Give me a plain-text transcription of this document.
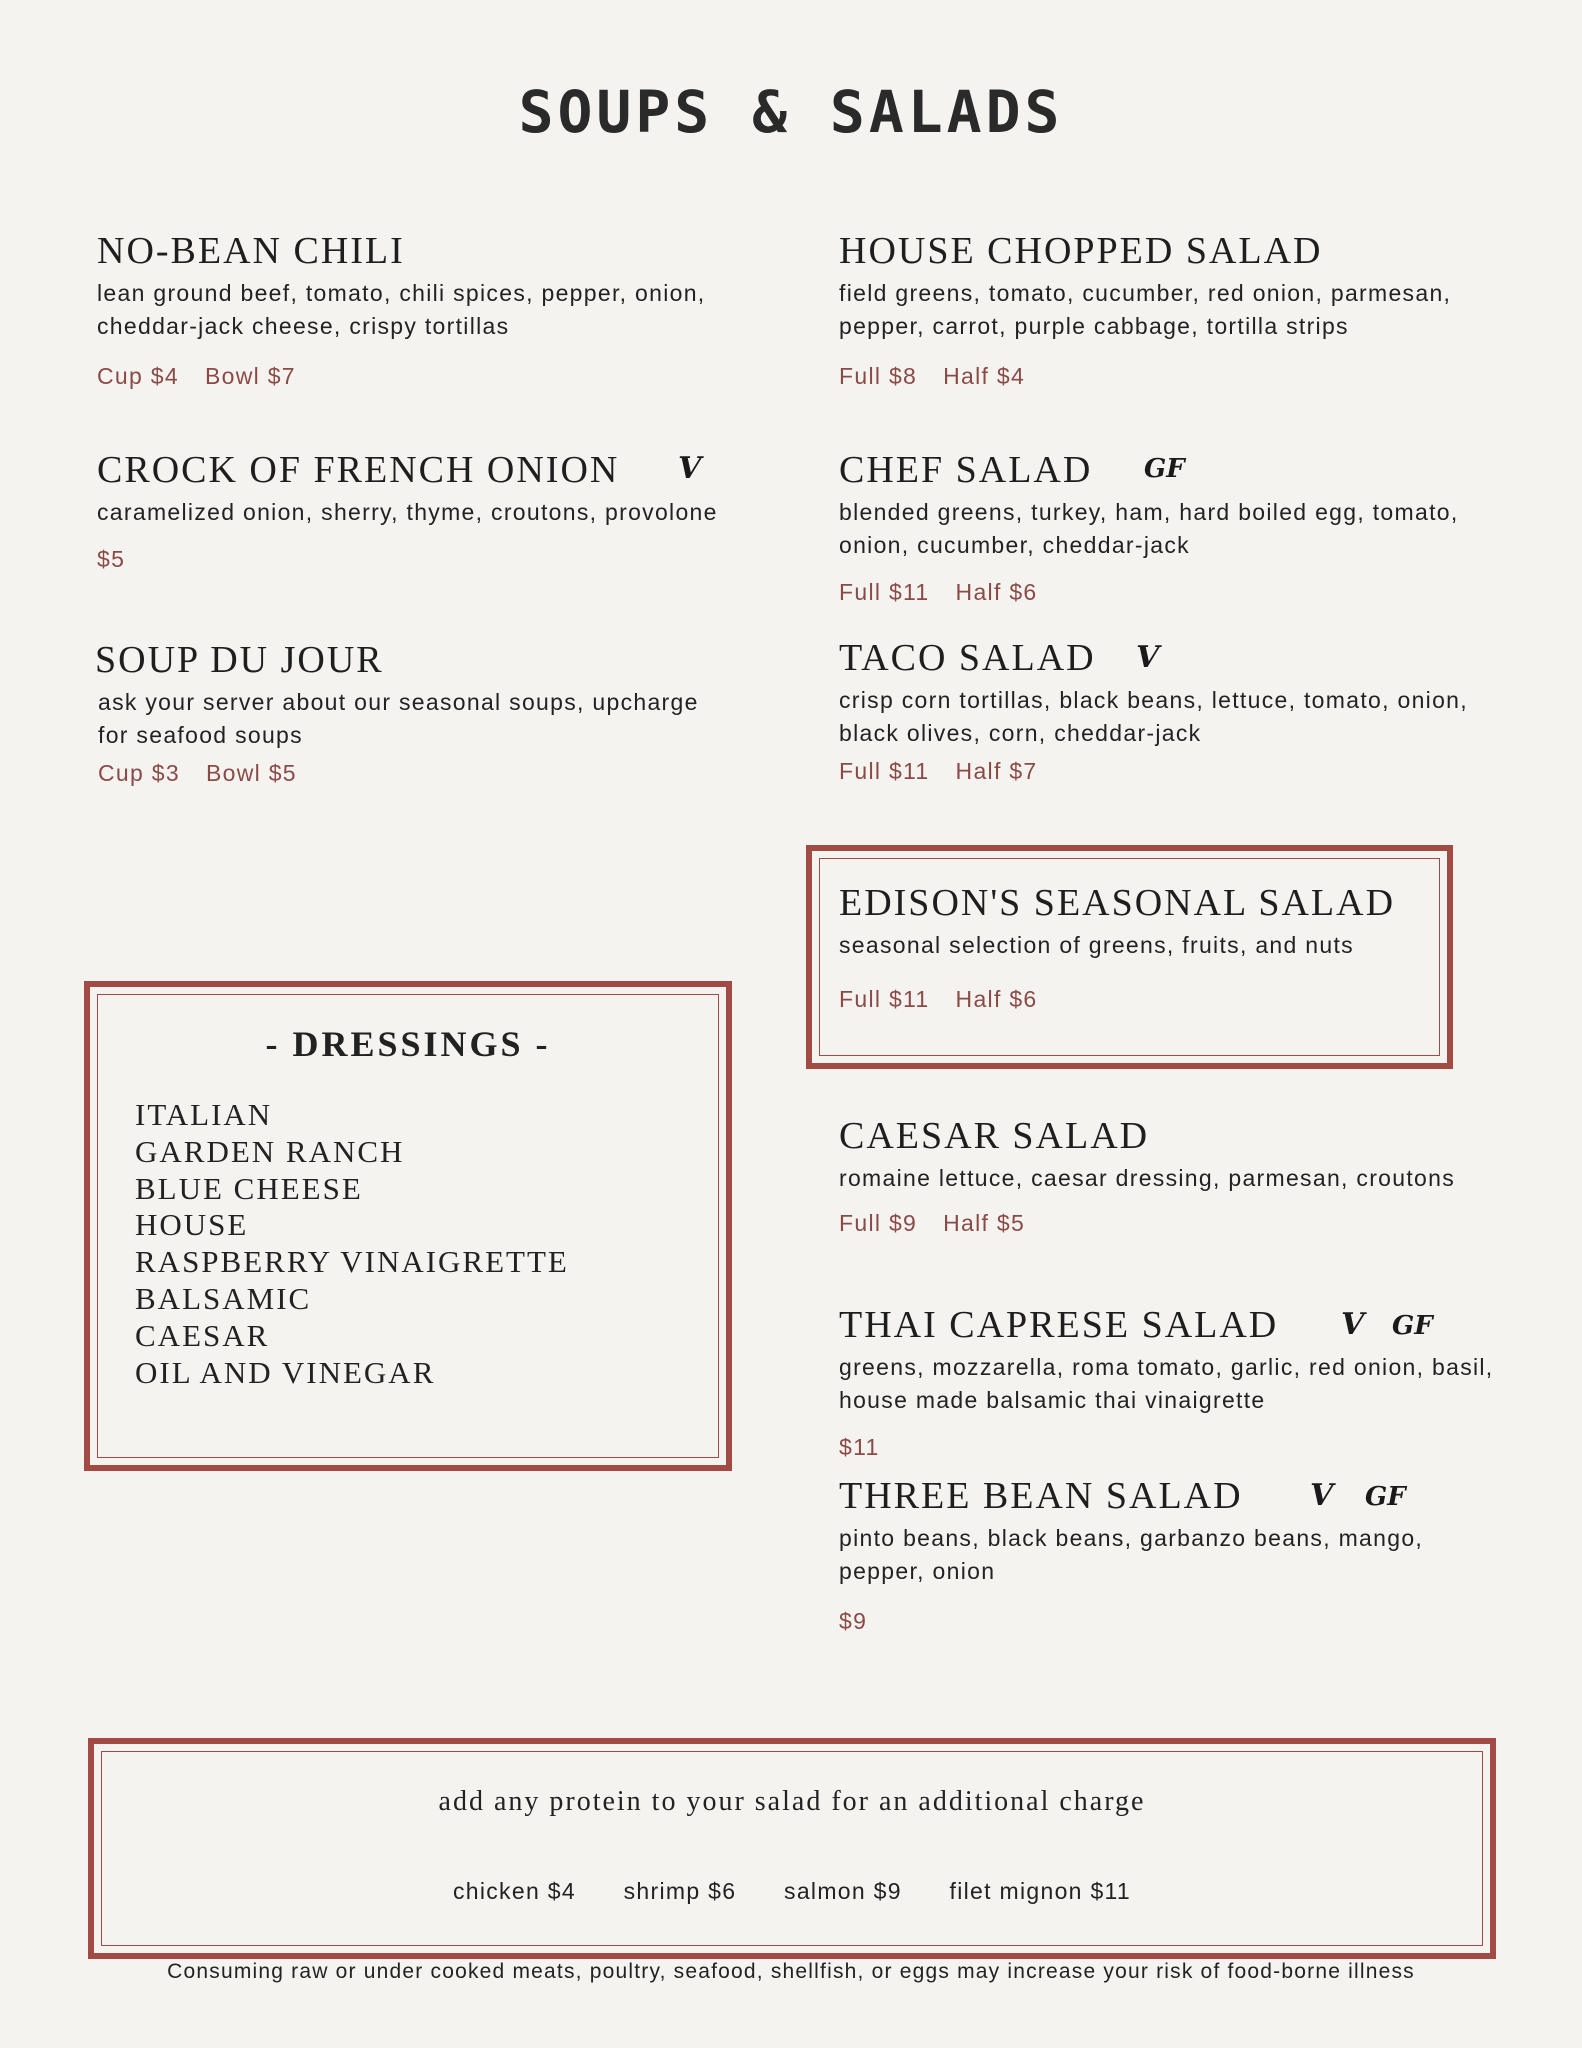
SOUPS & SALADS
NO-BEAN CHILI
lean ground beef, tomato, chili spices, pepper, onion, cheddar-jack cheese, crispy tortillas
Cup $4 Bowl $7
CROCK OF FRENCH ONION
caramelized onion, sherry, thyme, croutons, provolone
$5
V
SOUP DU JOUR
ask your server about our seasonal soups, upcharge for seafood soups
Cup $3 Bowl $5
- DRESSINGS -
ITALIAN
GARDEN RANCH
BLUE CHEESE
HOUSE
RASPBERRY VINAIGRETTE
BALSAMIC
CAESAR
OIL AND VINEGAR
HOUSE CHOPPED SALAD
field greens, tomato, cucumber, red onion, parmesan, pepper, carrot, purple cabbage, tortilla strips
Full $8 Half $4
CHEF SALAD
blended greens, turkey, ham, hard boiled egg, tomato, onion, cucumber, cheddar-jack
Full $11 Half $6
GF
TACO SALAD
crisp corn tortillas, black beans, lettuce, tomato, onion, black olives, corn, cheddar-jack
Full $11 Half $7
V
EDISON'S SEASONAL SALAD
seasonal selection of greens, fruits, and nuts
Full $11 Half $6
CAESAR SALAD
romaine lettuce, caesar dressing, parmesan, croutons
Full $9 Half $5
THAI CAPRESE SALAD
greens, mozzarella, roma tomato, garlic, red onion, basil, house made balsamic thai vinaigrette
$11
V GF
THREE BEAN SALAD
pinto beans, black beans, garbanzo beans, mango, pepper, onion
$9
V GF
add any protein to your salad for an additional charge
chicken $4 shrimp $6 salmon $9 filet mignon $11
Consuming raw or under cooked meats, poultry, seafood, shellfish, or eggs may increase your risk of food-borne illness
